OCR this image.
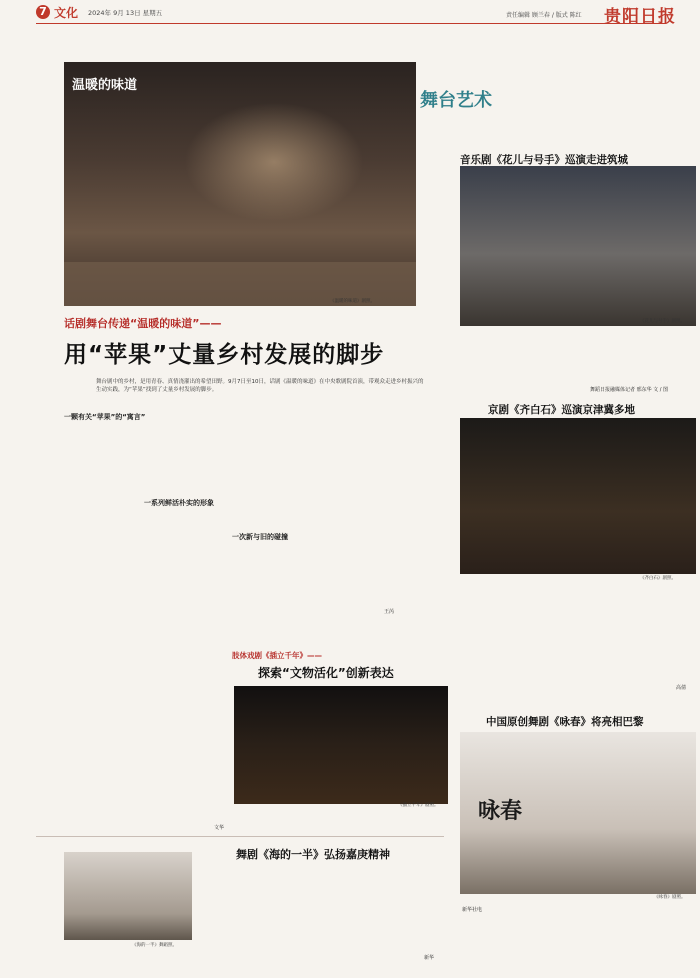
7 文化 2024年 9月 13日 星期五	责任编辑 顾兰春 / 版式 陈红 贵阳日报
温暖的味道
《温暖的味道》剧照。
话剧舞台传递“温暖的味道”——
用“苹果”丈量乡村发展的脚步
舞台剧中的乡村，是用青春、真情浇灌出的希望田野。9月7日至10日，话剧《温暖的味道》在中央歌剧院首演，带观众走进乡村振兴的生动实践，为“苹果”找到了丈量乡村发展的脚步。
一颗有关“苹果”的“寓言”

一系列鲜活朴实的形象
一次新与旧的碰撞
王芮
舞台艺术
音乐剧《花儿与号手》巡演走进筑城
《花儿与号手》剧照。
舞蹈日报融媒体记者 邢东华 文 / 图
京剧《齐白石》巡演京津冀多地
《齐白石》剧照。
高倩
肢体戏剧《插立千年》——
探索“文物活化”创新表达
《插立千年》剧照。
文华
中国原创舞剧《咏春》将亮相巴黎
咏春
《咏春》剧照。
新华社电
舞剧《海的一半》弘扬嘉庚精神
《海的一半》舞蹈照。
新华
